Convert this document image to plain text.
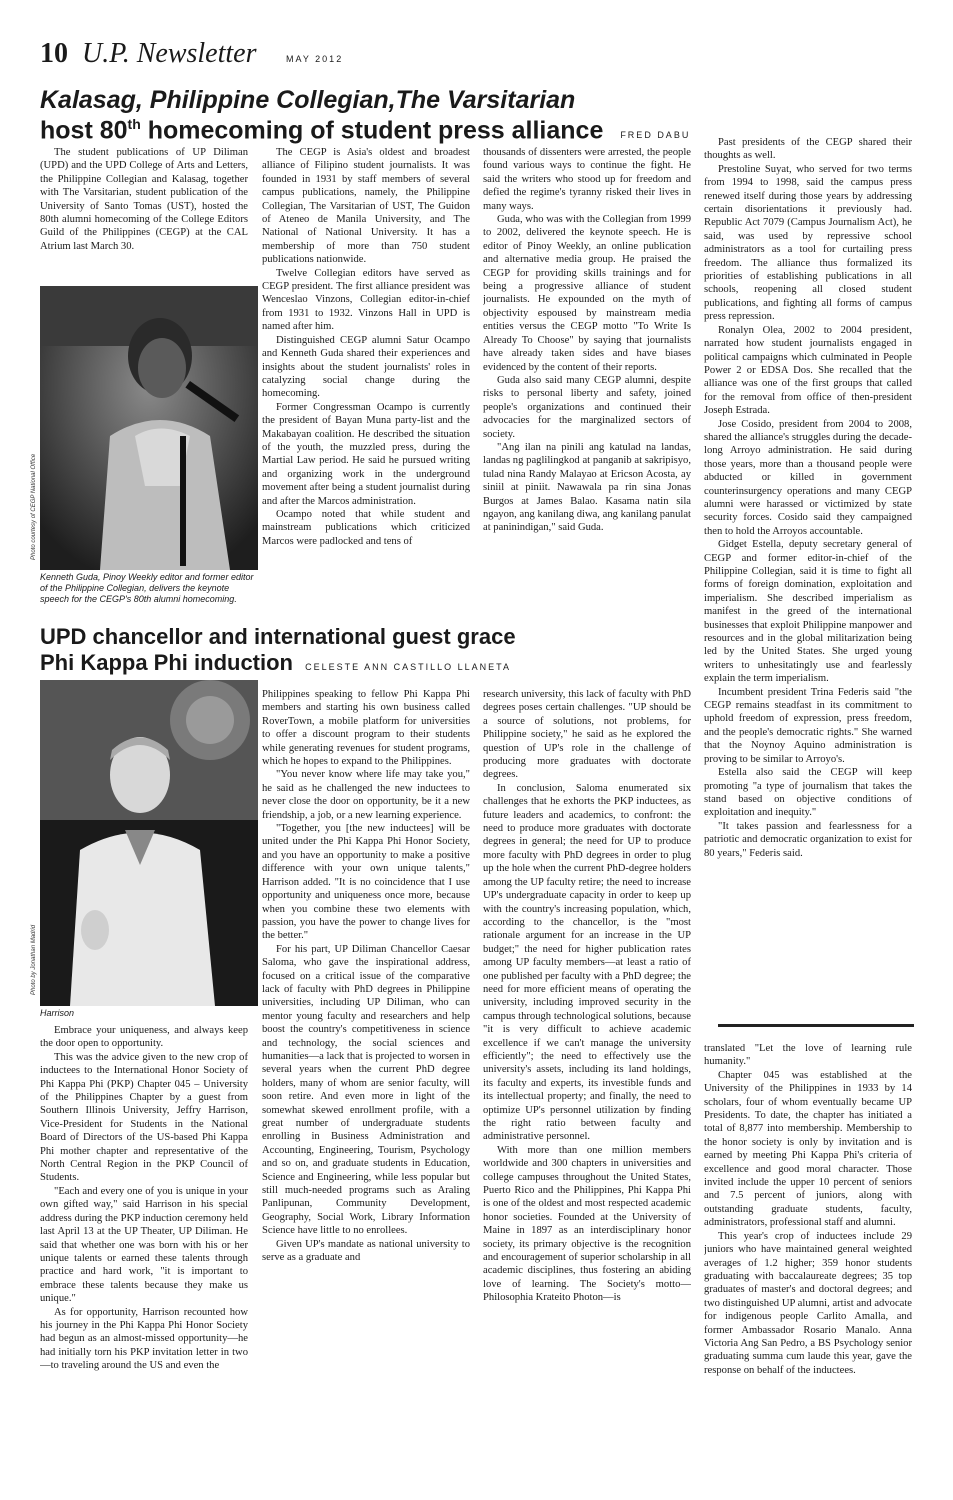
10 U.P. Newsletter	MAY 2012
Kalasag, Philippine Collegian,The Varsitarian
host 80th homecoming of student press alliance FRED DABU
Photo courtesy of CEGP National Office
Kenneth Guda, Pinoy Weekly editor and former editor of the Philippine Collegian, delivers the keynote speech for the CEGP's 80th alumni homecoming.

The student publications of UP Diliman (UPD) and the UPD College of Arts and Letters, the Philippine Collegian and Kalasag, together with The Varsitarian, student publication of the University of Santo Tomas (UST), hosted the 80th alumni homecoming of the College Editors Guild of the Philippines (CEGP) at the CAL Atrium last March 30.

The CEGP is Asia's oldest and broadest alliance of Filipino student journalists. It was founded in 1931 by staff members of several campus publications, namely, the Philippine Collegian, The Varsitarian of UST, The Guidon of Ateneo de Manila University, and The National of National University. It has a membership of more than 750 student publications nationwide.

Twelve Collegian editors have served as CEGP president. The first alliance president was Wenceslao Vinzons, Collegian editor-in-chief from 1931 to 1932. Vinzons Hall in UPD is named after him.

Distinguished CEGP alumni Satur Ocampo and Kenneth Guda shared their experiences and insights about the student journalists' roles in catalyzing social change during the homecoming.

Former Congressman Ocampo is currently the president of Bayan Muna party-list and the Makabayan coalition. He described the situation of the youth, the muzzled press, during the Martial Law period. He said he pursued writing and organizing work in the underground movement after being a student journalist during and after the Marcos administration.

Ocampo noted that while student and mainstream publications which criticized Marcos were padlocked and tens of

thousands of dissenters were arrested, the people found various ways to continue the fight. He said the writers who stood up for freedom and defied the regime's tyranny risked their lives in many ways.

Guda, who was with the Collegian from 1999 to 2002, delivered the keynote speech. He is editor of Pinoy Weekly, an online publication and alternative media group. He praised the CEGP for providing skills trainings and for being a progressive alliance of student journalists. He expounded on the myth of objectivity espoused by mainstream media entities versus the CEGP motto "To Write Is Already To Choose" by saying that journalists have already taken sides and have biases evidenced by the content of their reports.

Guda also said many CEGP alumni, despite risks to personal liberty and safety, joined people's organizations and continued their advocacies for the marginalized sectors of society.

"Ang ilan na pinili ang katulad na landas, landas ng paglilingkod at panganib at sakripisyo, tulad nina Randy Malayao at Ericson Acosta, ay siniil at piniit. Nawawala pa rin sina Jonas Burgos at James Balao. Kasama natin sila ngayon, ang kanilang diwa, ang kanilang panulat at paninindigan," said Guda.

Past presidents of the CEGP shared their thoughts as well.

Prestoline Suyat, who served for two terms from 1994 to 1998, said the campus press renewed itself during those years by addressing certain disorientations it previously had. Republic Act 7079 (Campus Journalism Act), he said, was used by repressive school administrators as a tool for curtailing press freedom. The alliance thus formalized its priorities of establishing publications in all schools, reopening all closed student publications, and fighting all forms of campus press repression.

Ronalyn Olea, 2002 to 2004 president, narrated how student journalists engaged in political campaigns which culminated in People Power 2 or EDSA Dos. She recalled that the alliance was one of the first groups that called for the removal from office of then-president Joseph Estrada.

Jose Cosido, president from 2004 to 2008, shared the alliance's struggles during the decade-long Arroyo administration. He said during those years, more than a thousand people were abducted or killed in government counterinsurgency operations and many CEGP alumni were harassed or victimized by state security forces. Cosido said they campaigned then to hold the Arroyos accountable.

Gidget Estella, deputy secretary general of CEGP and former editor-in-chief of the Philippine Collegian, said it is time to fight all forms of foreign domination, exploitation and imperialism. She described imperialism as manifest in the greed of the international businesses that exploit Philippine manpower and resources and in the global militarization being led by the United States. She urged young writers to unhesitatingly use and fearlessly explain the term imperialism.

Incumbent president Trina Federis said "the CEGP remains steadfast in its commitment to uphold freedom of expression, press freedom, and the people's democratic rights." She warned that the Noynoy Aquino administration is proving to be similar to Arroyo's.

Estella also said the CEGP will keep promoting "a type of journalism that takes the stand based on objective conditions of exploitation and inequity."

"It takes passion and fearlessness for a patriotic and democratic organization to exist for 80 years," Federis said.

UPD chancellor and international guest grace
Phi Kappa Phi induction CELESTE ANN CASTILLO LLANETA
Photo by Jonathan Madrid
Harrison

Embrace your uniqueness, and always keep the door open to opportunity.

This was the advice given to the new crop of inductees to the International Honor Society of Phi Kappa Phi (PKP) Chapter 045 – University of the Philippines Chapter by a guest from Southern Illinois University, Jeffry Harrison, Vice-President for Students in the National Board of Directors of the US-based Phi Kappa Phi mother chapter and representative of the North Central Region in the PKP Council of Students.

"Each and every one of you is unique in your own gifted way," said Harrison in his special address during the PKP induction ceremony held last April 13 at the UP Theater, UP Diliman. He said that whether one was born with his or her unique talents or earned these talents through practice and hard work, "it is important to embrace these talents because they make us unique."

As for opportunity, Harrison recounted how his journey in the Phi Kappa Phi Honor Society had begun as an almost-missed opportunity—he had initially torn his PKP invitation letter in two—to traveling around the US and even the

Philippines speaking to fellow Phi Kappa Phi members and starting his own business called RoverTown, a mobile platform for universities to offer a discount program to their students while generating revenues for student programs, which he hopes to expand to the Philippines.

"You never know where life may take you," he said as he challenged the new inductees to never close the door on opportunity, be it a new friendship, a job, or a new learning experience.

"Together, you [the new inductees] will be united under the Phi Kappa Phi Honor Society, and you have an opportunity to make a positive difference with your own unique talents," Harrison added. "It is no coincidence that I use opportunity and uniqueness once more, because when you combine these two elements with passion, you have the power to change lives for the better."

For his part, UP Diliman Chancellor Caesar Saloma, who gave the inspirational address, focused on a critical issue of the comparative lack of faculty with PhD degrees in Philippine universities, including UP Diliman, who can mentor young faculty and researchers and help boost the country's competitiveness in science and technology, the social sciences and humanities—a lack that is projected to worsen in several years when the current PhD degree holders, many of whom are senior faculty, will soon retire. And even more in light of the somewhat skewed enrollment profile, with a great number of undergraduate students enrolling in Business Administration and Accounting, Engineering, Tourism, Psychology and so on, and graduate students in Education, Science and Engineering, while less popular but still much-needed programs such as Araling Panlipunan, Community Development, Geography, Social Work, Library Information Science have little to no enrollees.

Given UP's mandate as national university to serve as a graduate and

research university, this lack of faculty with PhD degrees poses certain challenges. "UP should be a source of solutions, not problems, for Philippine society," he said as he explored the question of UP's role in the challenge of producing more graduates with doctorate degrees.

In conclusion, Saloma enumerated six challenges that he exhorts the PKP inductees, as future leaders and academics, to confront: the need to produce more graduates with doctorate degrees in general; the need for UP to produce more faculty with PhD degrees in order to plug up the hole when the current PhD-degree holders among the UP faculty retire; the need to increase UP's undergraduate capacity in order to keep up with the country's increasing population, which, according to the chancellor, is the "most rationale argument for an increase in the UP budget;" the need for higher publication rates among UP faculty members—at least a ratio of one published per faculty with a PhD degree; the need for more efficient means of operating the university, including improved security in the campus through technological solutions, because "it is very difficult to achieve academic excellence if we can't manage the university efficiently"; the need to effectively use the university's assets, including its land holdings, its faculty and experts, its investible funds and its intellectual property; and finally, the need to optimize UP's personnel utilization by finding the right ratio between faculty and administrative personnel.

With more than one million members worldwide and 300 chapters in universities and college campuses throughout the United States, Puerto Rico and the Philippines, Phi Kappa Phi is one of the oldest and most respected academic honor societies. Founded at the University of Maine in 1897 as an interdisciplinary honor society, its primary objective is the recognition and encouragement of superior scholarship in all academic disciplines, thus fostering an abiding love of learning. The Society's motto—Philosophia Krateito Photon—is

translated "Let the love of learning rule humanity."

Chapter 045 was established at the University of the Philippines in 1933 by 14 scholars, four of whom eventually became UP Presidents. To date, the chapter has initiated a total of 8,877 into membership. Membership to the honor society is only by invitation and is earned by meeting Phi Kappa Phi's criteria of excellence and good moral character. Those invited include the upper 10 percent of seniors and 7.5 percent of juniors, along with outstanding graduate students, faculty, administrators, professional staff and alumni.

This year's crop of inductees include 29 juniors who have maintained general weighted averages of 1.2 higher; 359 honor students graduating with baccalaureate degrees; 35 top graduates of master's and doctoral degrees; and two distinguished UP alumni, artist and advocate for indigenous people Carlito Amalla, and former Ambassador Rosario Manalo. Anna Victoria Ang San Pedro, a BS Psychology senior graduating summa cum laude this year, gave the response on behalf of the inductees.
